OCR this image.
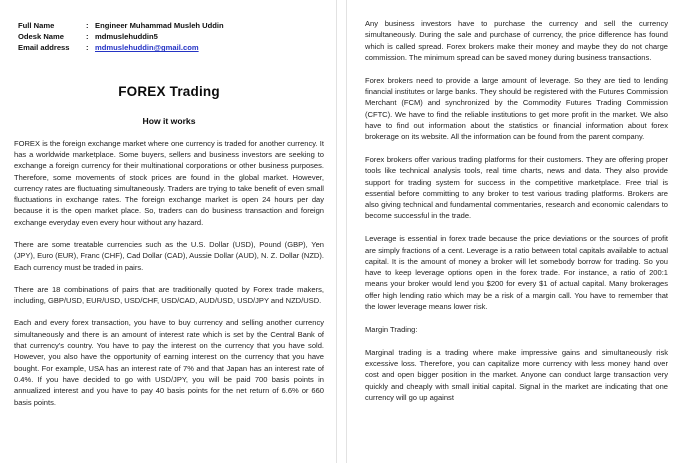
Full Name	: Engineer Muhammad Musleh Uddin
Odesk Name	: mdmuslehuddin5
Email address	: mdmuslehuddin@gmail.com
FOREX Trading
How it works

FOREX is the foreign exchange market where one currency is traded for another currency. It has a worldwide marketplace. Some buyers, sellers and business investors are seeking to exchange a foreign currency for their multinational corporations or other business purposes. Therefore, some movements of stock prices are found in the global market. However, currency rates are fluctuating simultaneously. Traders are trying to take benefit of even small fluctuations in exchange rates. The foreign exchange market is open 24 hours per day because it is the open market place. So, traders can do business transaction and foreign exchange everyday even every hour without any hazard.

There are some treatable currencies such as the U.S. Dollar (USD), Pound (GBP), Yen (JPY), Euro (EUR), Franc (CHF), Cad Dollar (CAD), Aussie Dollar (AUD), N. Z. Dollar (NZD). Each currency must be traded in pairs.

There are 18 combinations of pairs that are traditionally quoted by Forex trade makers, including, GBP/USD, EUR/USD, USD/CHF, USD/CAD, AUD/USD, USD/JPY and NZD/USD.

Each and every forex transaction, you have to buy currency and selling another currency simultaneously and there is an amount of interest rate which is set by the Central Bank of that currency's country. You have to pay the interest on the currency that you have sold. However, you also have the opportunity of earning interest on the currency that you have bought. For example, USA has an interest rate of 7% and that Japan has an interest rate of 0.4%. If you have decided to go with USD/JPY, you will be paid 700 basis points in annualized interest and you have to pay 40 basis points for the net return of 6.6% or 660 basis points.

Any business investors have to purchase the currency and sell the currency simultaneously. During the sale and purchase of currency, the price difference has found which is called spread. Forex brokers make their money and maybe they do not charge commission. The minimum spread can be saved money during business transactions.

Forex brokers need to provide a large amount of leverage. So they are tied to lending financial institutes or large banks. They should be registered with the Futures Commission Merchant (FCM) and synchronized by the Commodity Futures Trading Commission (CFTC). We have to find the reliable institutions to get more profit in the market. We also have to find out information about the statistics or financial information about forex brokerage on its website. All the information can be found from the parent company.

Forex brokers offer various trading platforms for their customers. They are offering proper tools like technical analysis tools, real time charts, news and data. They also provide support for trading system for success in the competitive marketplace. Free trial is essential before committing to any broker to test various trading platforms. Brokers are also giving technical and fundamental commentaries, research and economic calendars to become successful in the trade.

Leverage is essential in forex trade because the price deviations or the sources of profit are simply fractions of a cent. Leverage is a ratio between total capitals available to actual capital. It is the amount of money a broker will let somebody borrow for trading. So you have to keep leverage options open in the forex trade. For instance, a ratio of 200:1 means your broker would lend you $200 for every $1 of actual capital. Many brokerages offer high lending ratio which may be a risk of a margin call. You have to remember that the lower leverage means lower risk.

Margin Trading:

Marginal trading is a trading where make impressive gains and simultaneously risk excessive loss. Therefore, you can capitalize more currency with less money hand over cost and open bigger position in the market. Anyone can conduct large transaction very quickly and cheaply with small initial capital. Signal in the market are indicating that one currency will go up against
